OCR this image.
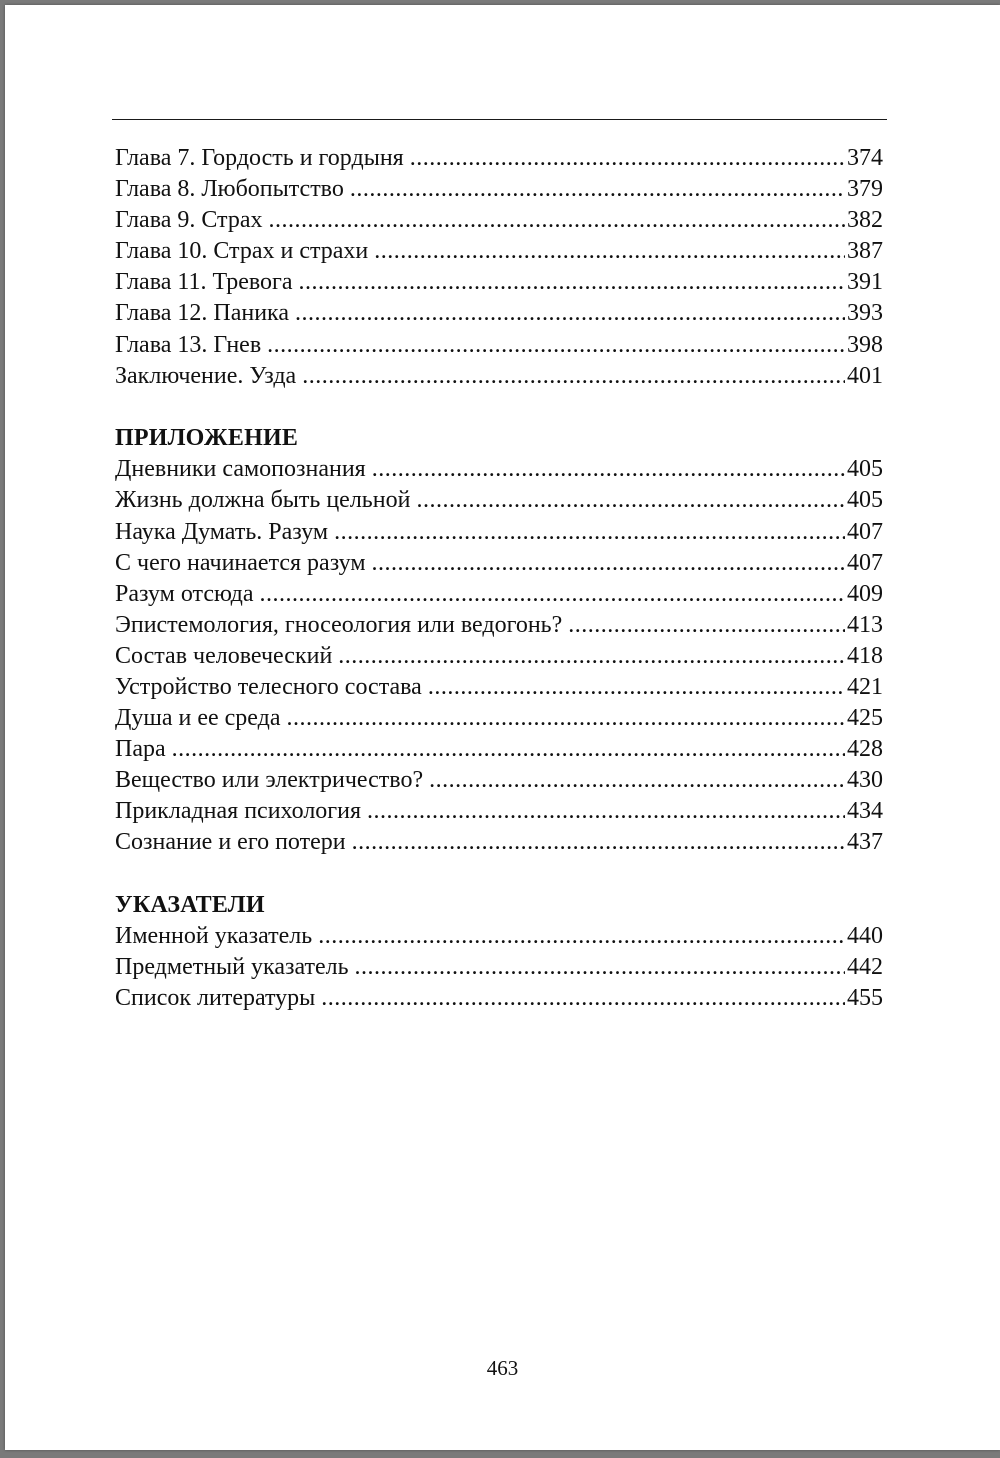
Глава 7. Гордость и гордыня .....	374
Глава 8. Любопытство .....	379
Глава 9. Страх .....	382
Глава 10. Страх и страхи .....	387
Глава 11. Тревога .....	391
Глава 12. Паника .....	393
Глава 13. Гнев .....	398
Заключение. Узда .....	401
ПРИЛОЖЕНИЕ
Дневники самопознания .....	405
Жизнь должна быть цельной .....	405
Наука Думать. Разум .....	407
С чего начинается разум .....	407
Разум отсюда .....	409
Эпистемология, гносеология или ведогонь? .....	413
Состав человеческий .....	418
Устройство телесного состава .....	421
Душа и ее среда .....	425
Пара .....	428
Вещество или электричество? .....	430
Прикладная психология .....	434
Сознание и его потери .....	437
УКАЗАТЕЛИ
Именной указатель .....	440
Предметный указатель .....	442
Список литературы .....	455
463
